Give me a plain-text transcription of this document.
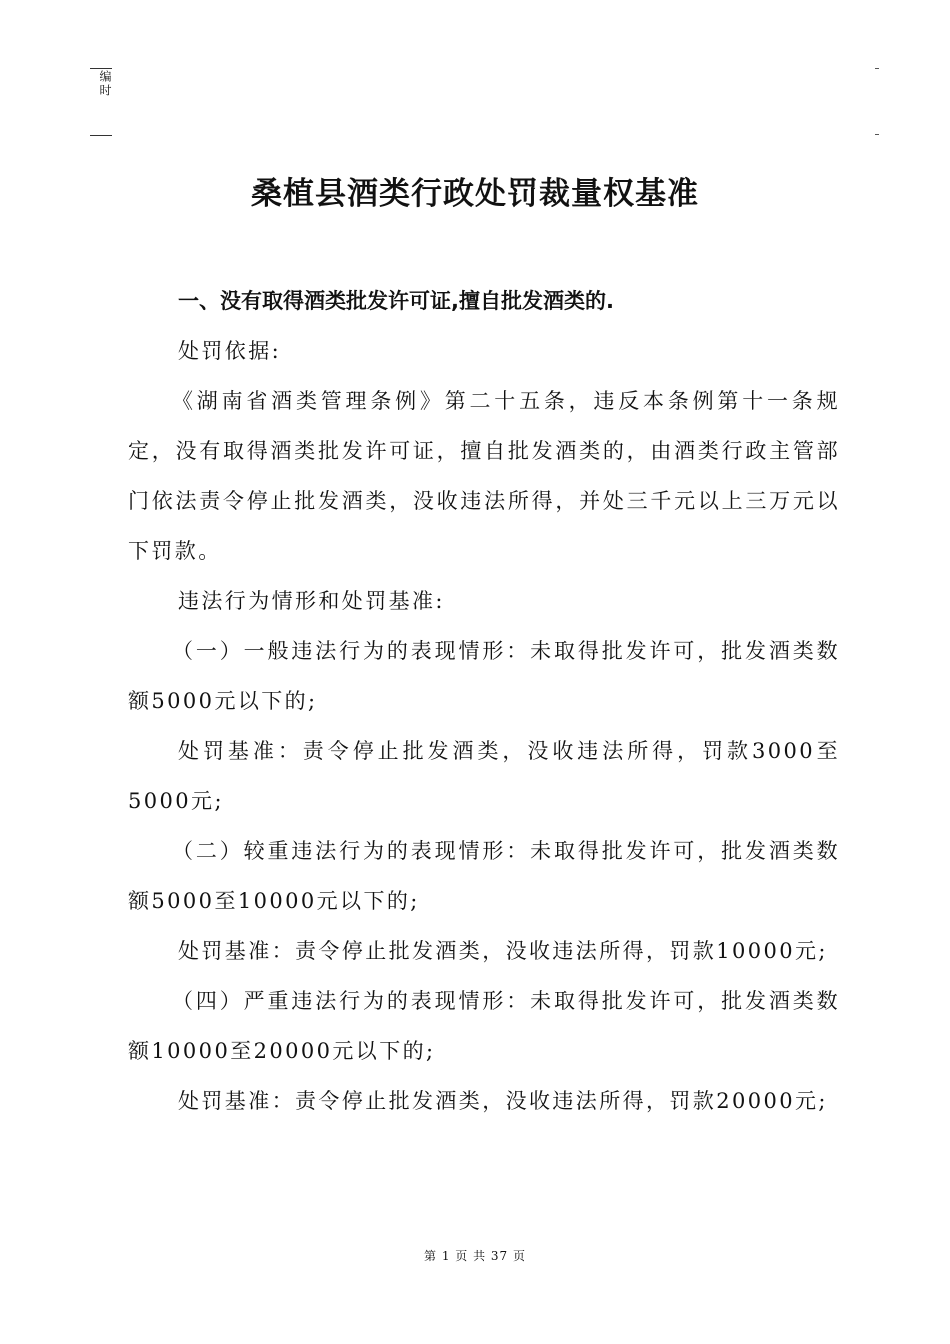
编时
桑植县酒类行政处罚裁量权基准
一、没有取得酒类批发许可证,擅自批发酒类的.

处罚依据:

《湖南省酒类管理条例》第二十五条，违反本条例第十一条规定，没有取得酒类批发许可证，擅自批发酒类的，由酒类行政主管部门依法责令停止批发酒类，没收违法所得，并处三千元以上三万元以下罚款。

违法行为情形和处罚基准:

（一）一般违法行为的表现情形：未取得批发许可，批发酒类数额5000元以下的;

处罚基准：责令停止批发酒类，没收违法所得，罚款3000至5000元;

（二）较重违法行为的表现情形：未取得批发许可，批发酒类数额5000至10000元以下的;

处罚基准：责令停止批发酒类，没收违法所得，罚款10000元;

（四）严重违法行为的表现情形：未取得批发许可，批发酒类数额10000至20000元以下的;

处罚基准：责令停止批发酒类，没收违法所得，罚款20000元;

第 1 页 共 37 页
